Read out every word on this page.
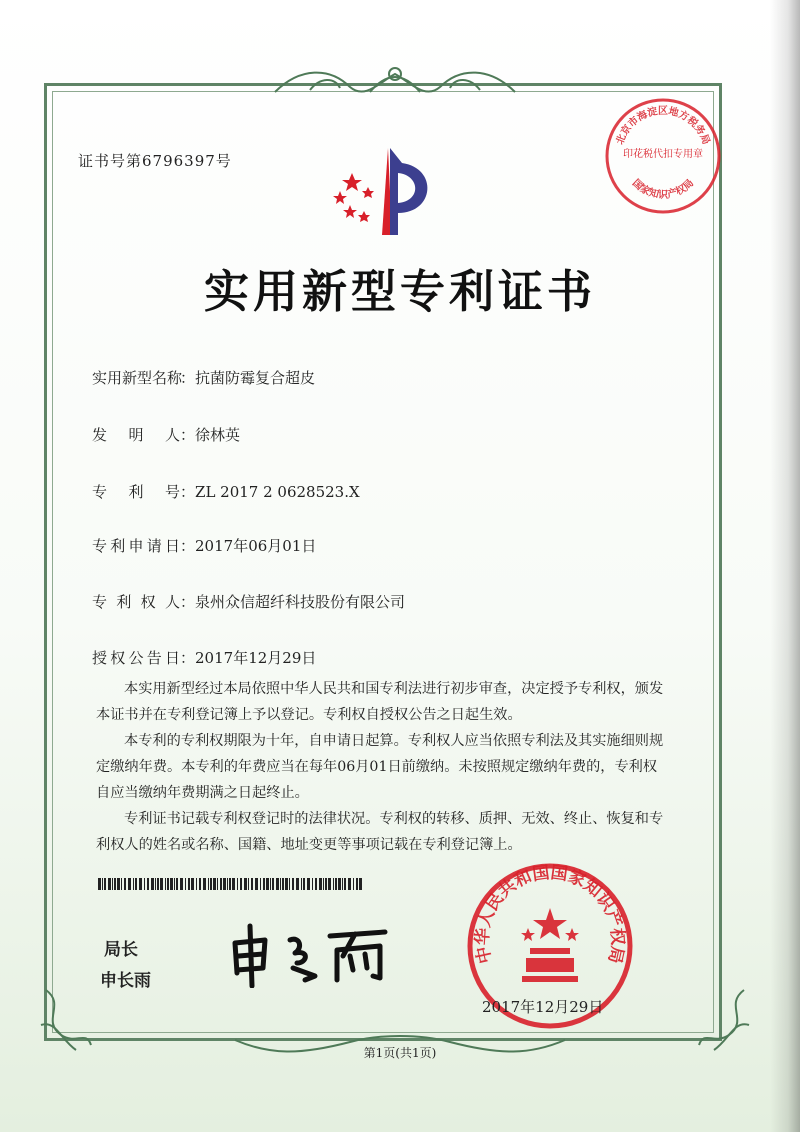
证书号第6796397号
实用新型专利证书
实用新型名称：抗菌防霉复合超皮
发明人：徐林英
专利号：ZL 2017 2 0628523.X
专利申请日：2017年06月01日
专利权人：泉州众信超纤科技股份有限公司
授权公告日：2017年12月29日

本实用新型经过本局依照中华人民共和国专利法进行初步审查，决定授予专利权，颁发本证书并在专利登记簿上予以登记。专利权自授权公告之日起生效。

本专利的专利权期限为十年，自申请日起算。专利权人应当依照专利法及其实施细则规定缴纳年费。本专利的年费应当在每年06月01日前缴纳。未按照规定缴纳年费的，专利权自应当缴纳年费期满之日起终止。

专利证书记载专利权登记时的法律状况。专利权的转移、质押、无效、终止、恢复和专利权人的姓名或名称、国籍、地址变更等事项记载在专利登记簿上。

局长
申长雨
中华人民共和国国家知识产权局
北京市海淀区地方税务局
印花税代扣专用章
国家知识产权局
2017年12月29日
第1页(共1页)
